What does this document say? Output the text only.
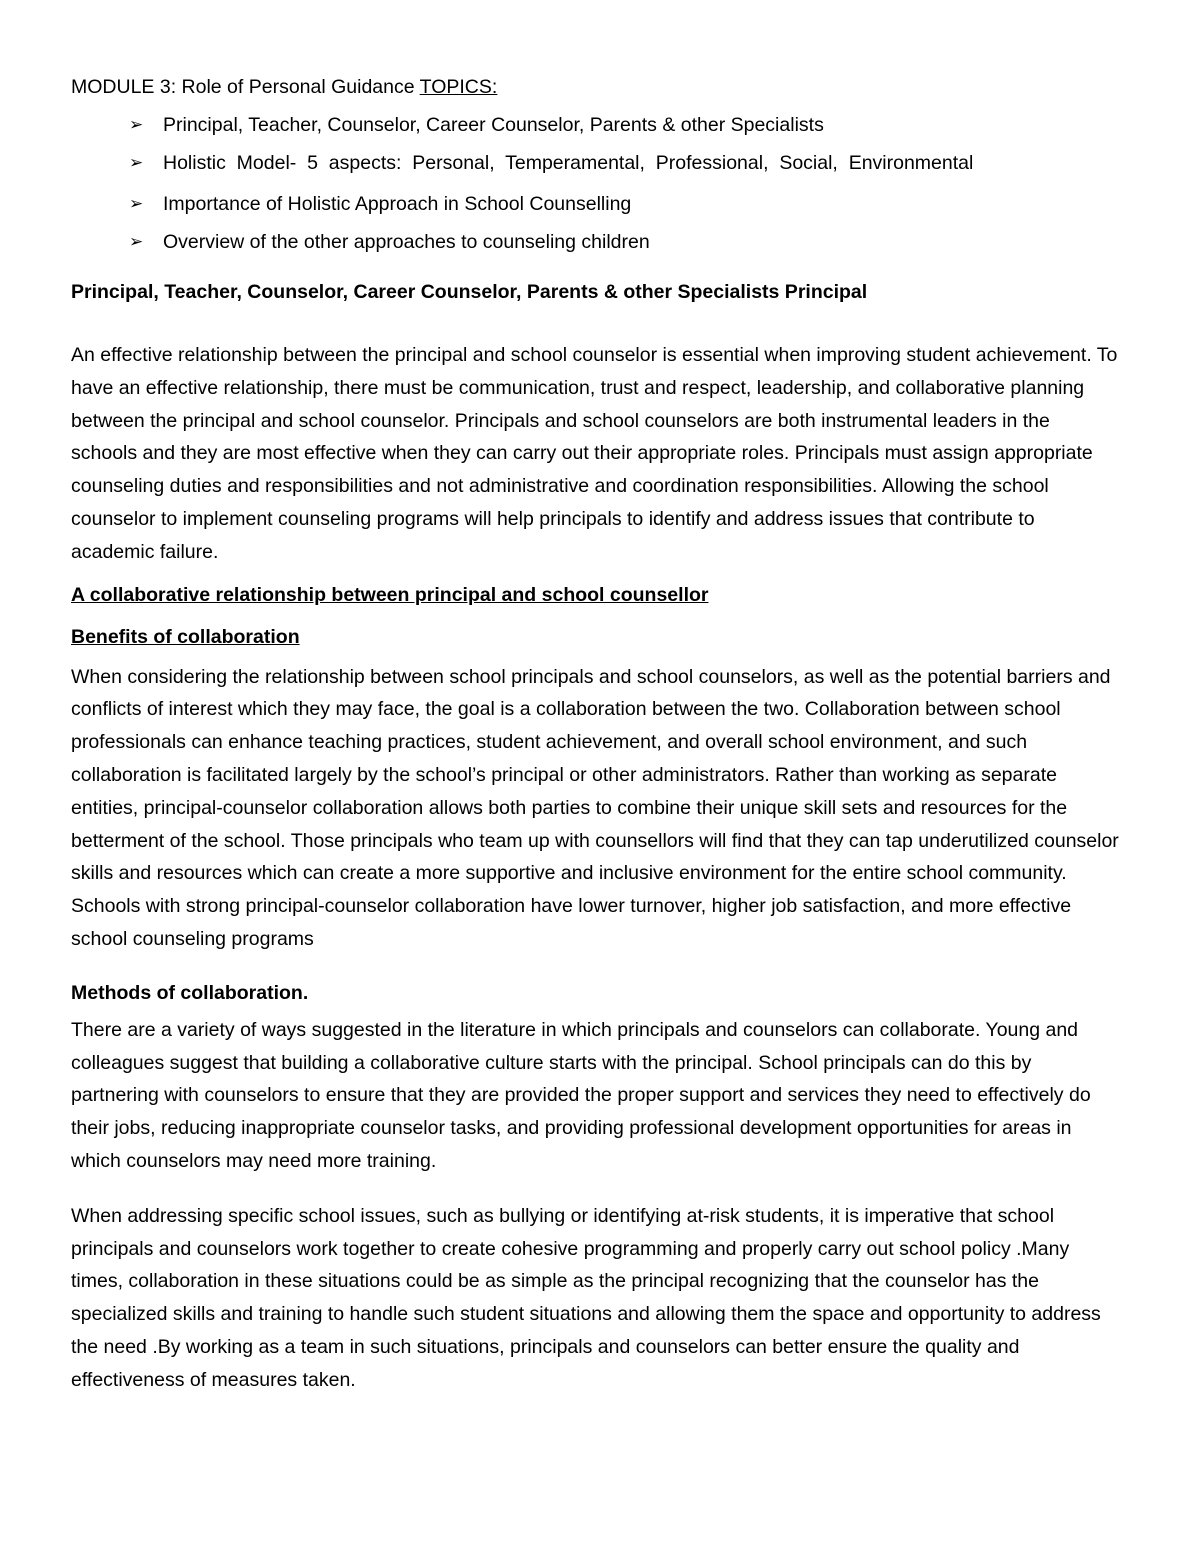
MODULE 3: Role of Personal Guidance TOPICS:

➢ Principal, Teacher, Counselor, Career Counselor, Parents & other Specialists
➢ Holistic  Model-  5  aspects:  Personal,  Temperamental,  Professional,  Social,  Environmental
➢ Importance of Holistic Approach in School Counselling
➢ Overview of the other approaches to counseling children
Principal, Teacher, Counselor, Career Counselor, Parents & other Specialists Principal

An effective relationship between the principal and school counselor is essential when improving student achievement. To have an effective relationship, there must be communication, trust and respect, leadership, and collaborative planning between the principal and school counselor. Principals and school counselors are both instrumental leaders in the schools and they are most effective when they can carry out their appropriate roles. Principals must assign appropriate counseling duties and responsibilities and not administrative and coordination responsibilities. Allowing the school counselor to implement counseling programs will help principals to identify and address issues that contribute to academic failure.

A collaborative relationship between principal and school counsellor
Benefits of collaboration

When considering the relationship between school principals and school counselors, as well as the potential barriers and conflicts of interest which they may face, the goal is a collaboration between the two. Collaboration between school professionals can enhance teaching practices, student achievement, and overall school environment, and such collaboration is facilitated largely by the school’s principal or other administrators. Rather than working as separate entities, principal-counselor collaboration allows both parties to combine their unique skill sets and resources for the betterment of the school. Those principals who team up with counsellors will find that they can tap underutilized counselor skills and resources which can create a more supportive and inclusive environment for the entire school community. Schools with strong principal-counselor collaboration have lower turnover, higher job satisfaction, and more effective school counseling programs

Methods of collaboration.

There are a variety of ways suggested in the literature in which principals and counselors can collaborate. Young and colleagues suggest that building a collaborative culture starts with the principal. School principals can do this by partnering with counselors to ensure that they are provided the proper support and services they need to effectively do their jobs, reducing inappropriate counselor tasks, and providing professional development opportunities for areas in which counselors may need more training.

When addressing specific school issues, such as bullying or identifying at-risk students, it is imperative that school principals and counselors work together to create cohesive programming and properly carry out school policy .Many times, collaboration in these situations could be as simple as the principal recognizing that the counselor has the specialized skills and training to handle such student situations and allowing them the space and opportunity to address the need .By working as a team in such situations, principals and counselors can better ensure the quality and effectiveness of measures taken.
